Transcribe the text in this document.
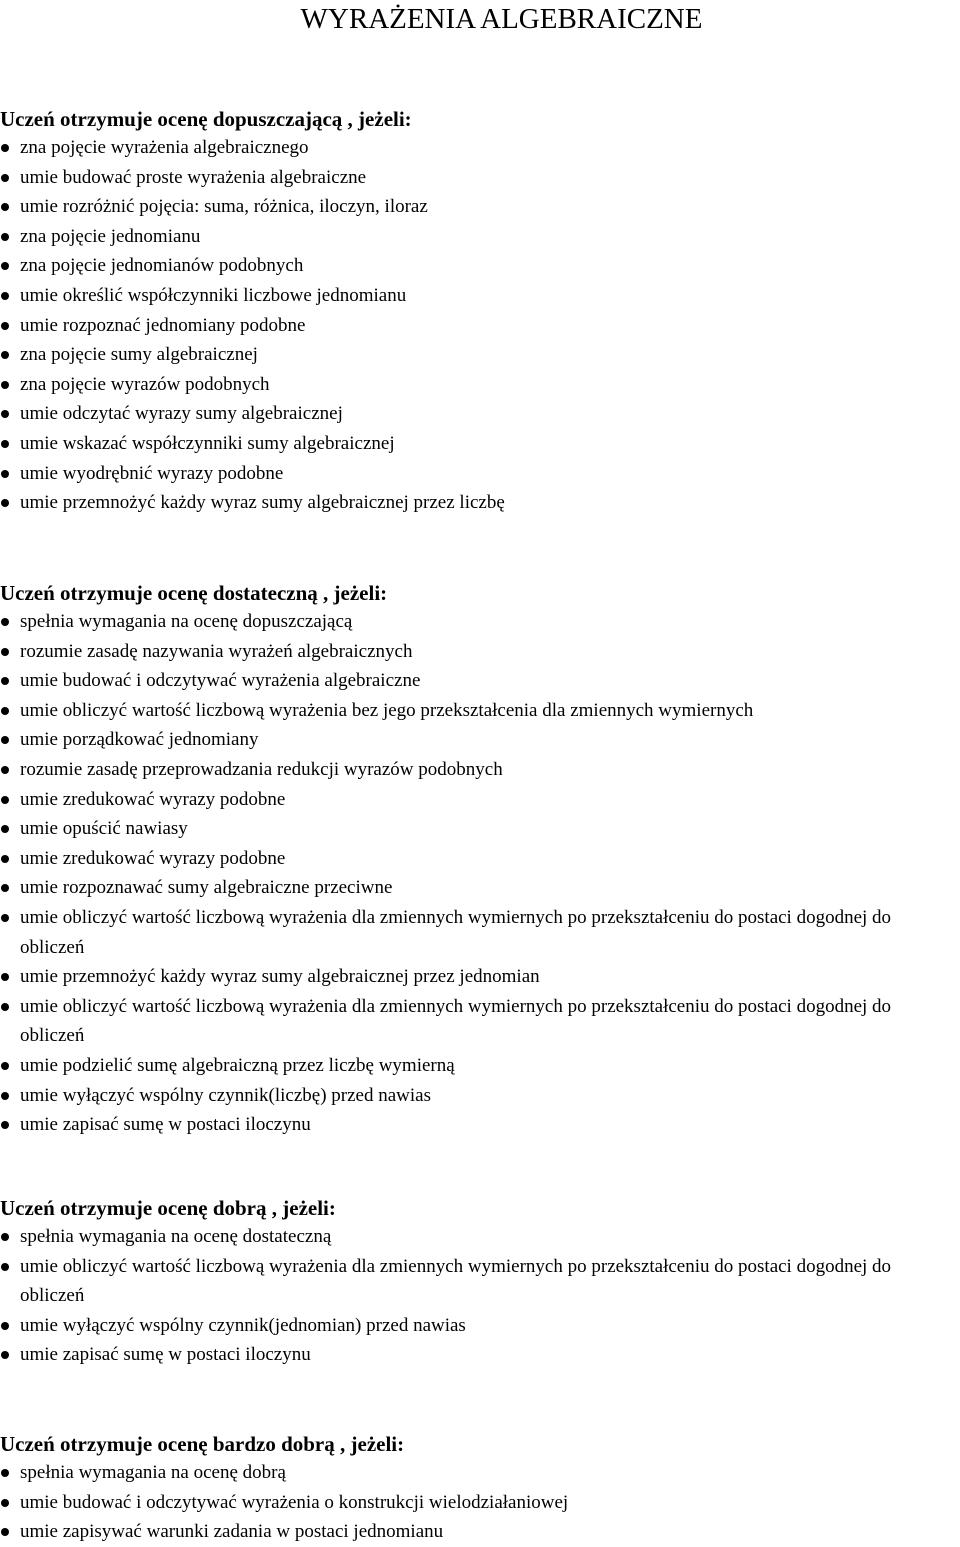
WYRAŻENIA ALGEBRAICZNE
Uczeń otrzymuje ocenę dopuszczającą , jeżeli:
zna pojęcie wyrażenia algebraicznego
umie budować proste wyrażenia algebraiczne
umie rozróżnić pojęcia: suma, różnica, iloczyn, iloraz
zna pojęcie jednomianu
zna pojęcie jednomianów podobnych
umie określić współczynniki liczbowe jednomianu
umie rozpoznać jednomiany podobne
zna pojęcie sumy algebraicznej
zna pojęcie wyrazów podobnych
umie odczytać wyrazy sumy algebraicznej
umie wskazać współczynniki sumy algebraicznej
umie wyodrębnić wyrazy podobne
umie przemnożyć każdy wyraz sumy algebraicznej przez liczbę
Uczeń otrzymuje ocenę dostateczną , jeżeli:
spełnia wymagania na ocenę dopuszczającą
rozumie zasadę nazywania wyrażeń algebraicznych
umie budować i odczytywać wyrażenia algebraiczne
umie obliczyć wartość liczbową wyrażenia bez jego przekształcenia dla zmiennych wymiernych
umie porządkować jednomiany
rozumie zasadę przeprowadzania redukcji wyrazów podobnych
umie zredukować wyrazy podobne
umie opuścić nawiasy
umie zredukować wyrazy podobne
umie rozpoznawać sumy algebraiczne przeciwne
umie obliczyć wartość liczbową wyrażenia dla zmiennych wymiernych po przekształceniu do postaci dogodnej do obliczeń
umie przemnożyć każdy wyraz sumy algebraicznej przez jednomian
umie obliczyć wartość liczbową wyrażenia dla zmiennych wymiernych po przekształceniu do postaci dogodnej do obliczeń
umie podzielić sumę algebraiczną przez liczbę wymierną
umie wyłączyć wspólny czynnik(liczbę) przed nawias
umie zapisać sumę w postaci iloczynu
Uczeń otrzymuje ocenę dobrą , jeżeli:
spełnia wymagania na ocenę dostateczną
umie obliczyć wartość liczbową wyrażenia dla zmiennych wymiernych po przekształceniu do postaci dogodnej do obliczeń
umie wyłączyć wspólny czynnik(jednomian) przed nawias
umie zapisać sumę w postaci iloczynu
Uczeń otrzymuje ocenę bardzo dobrą , jeżeli:
spełnia wymagania na ocenę dobrą
umie budować i odczytywać wyrażenia o konstrukcji wielodziałaniowej
umie zapisywać warunki zadania w postaci jednomianu
